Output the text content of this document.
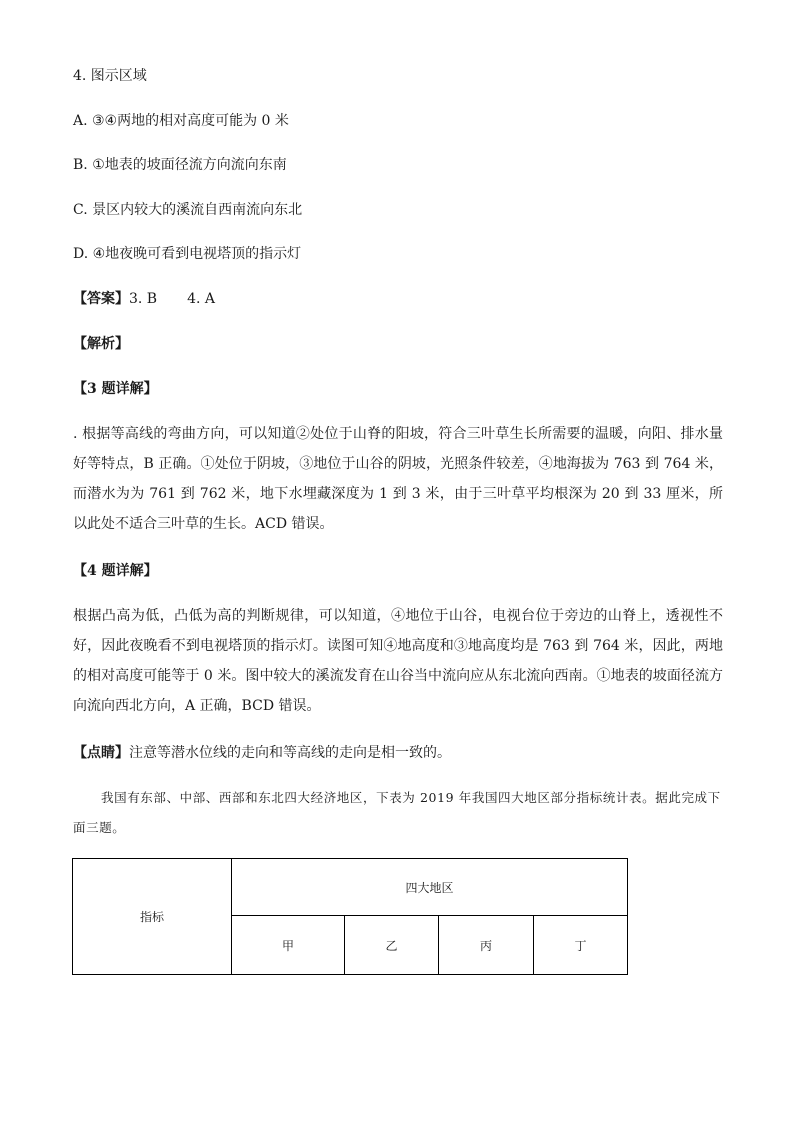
4. 图示区域
A. ③④两地的相对高度可能为 0 米
B. ①地表的坡面径流方向流向东南
C. 景区内较大的溪流自西南流向东北
D. ④地夜晚可看到电视塔顶的指示灯
【答案】3. B 4. A
【解析】
【3 题详解】
. 根据等高线的弯曲方向，可以知道②处位于山脊的阳坡，符合三叶草生长所需要的温暖，向阳、排水量好等特点，B 正确。①处位于阴坡，③地位于山谷的阴坡，光照条件较差，④地海拔为 763 到 764 米，而潜水为为 761 到 762 米，地下水埋藏深度为 1 到 3 米，由于三叶草平均根深为 20 到 33 厘米，所以此处不适合三叶草的生长。ACD 错误。
【4 题详解】
根据凸高为低，凸低为高的判断规律，可以知道，④地位于山谷，电视台位于旁边的山脊上，透视性不好，因此夜晚看不到电视塔顶的指示灯。读图可知④地高度和③地高度均是 763 到 764 米，因此，两地的相对高度可能等于 0 米。图中较大的溪流发育在山谷当中流向应从东北流向西南。①地表的坡面径流方向流向西北方向，A 正确，BCD 错误。
【点睛】注意等潜水位线的走向和等高线的走向是相一致的。
我国有东部、中部、西部和东北四大经济地区，下表为 2019 年我国四大地区部分指标统计表。据此完成下面三题。
指标	四大地区			
	甲	乙	丙	丁
